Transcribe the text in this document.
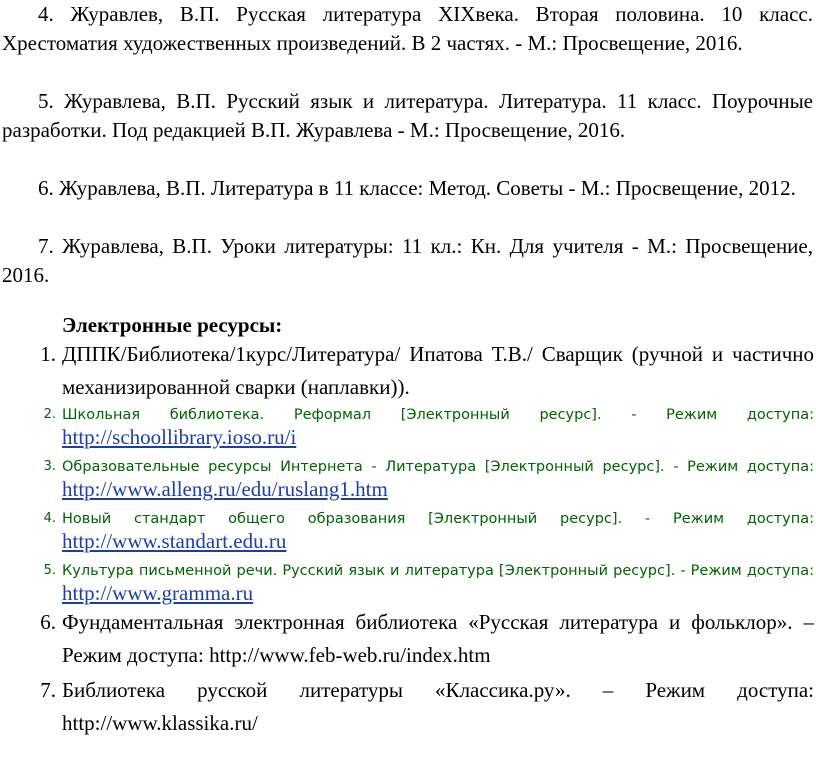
4. Журавлев, В.П. Русская литература XIXвека. Вторая половина. 10 класс. Хрестоматия художественных произведений. В 2 частях. - М.: Просвещение, 2016.

5. Журавлева, В.П. Русский язык и литература. Литература. 11 класс. Поурочные разработки. Под редакцией В.П. Журавлева - М.: Просвещение, 2016.

6. Журавлева, В.П. Литература в 11 классе: Метод. Советы - М.: Просвещение, 2012.

7. Журавлева, В.П. Уроки литературы: 11 кл.: Кн. Для учителя - М.: Просвещение, 2016.

Электронные ресурсы:
1. ДППК/Библиотека/1курс/Литература/ Ипатова Т.В./ Сварщик (ручной и частично механизированной сварки (наплавки)).
2. Школьная библиотека. Реформал [Электронный ресурс]. - Режим доступа: http://schoollibrary.ioso.ru/i
3. Образовательные ресурсы Интернета - Литература [Электронный ресурс]. - Режим доступа: http://www.alleng.ru/edu/ruslang1.htm
4. Новый стандарт общего образования [Электронный ресурс]. - Режим доступа: http://www.standart.edu.ru
5. Культура письменной речи. Русский язык и литература [Электронный ресурс]. - Режим доступа: http://www.gramma.ru
6. Фундаментальная электронная библиотека «Русская литература и фольклор». – Режим доступа: http://www.feb-web.ru/index.htm
7. Библиотека русской литературы «Классика.ру». – Режим доступа: http://www.klassika.ru/
